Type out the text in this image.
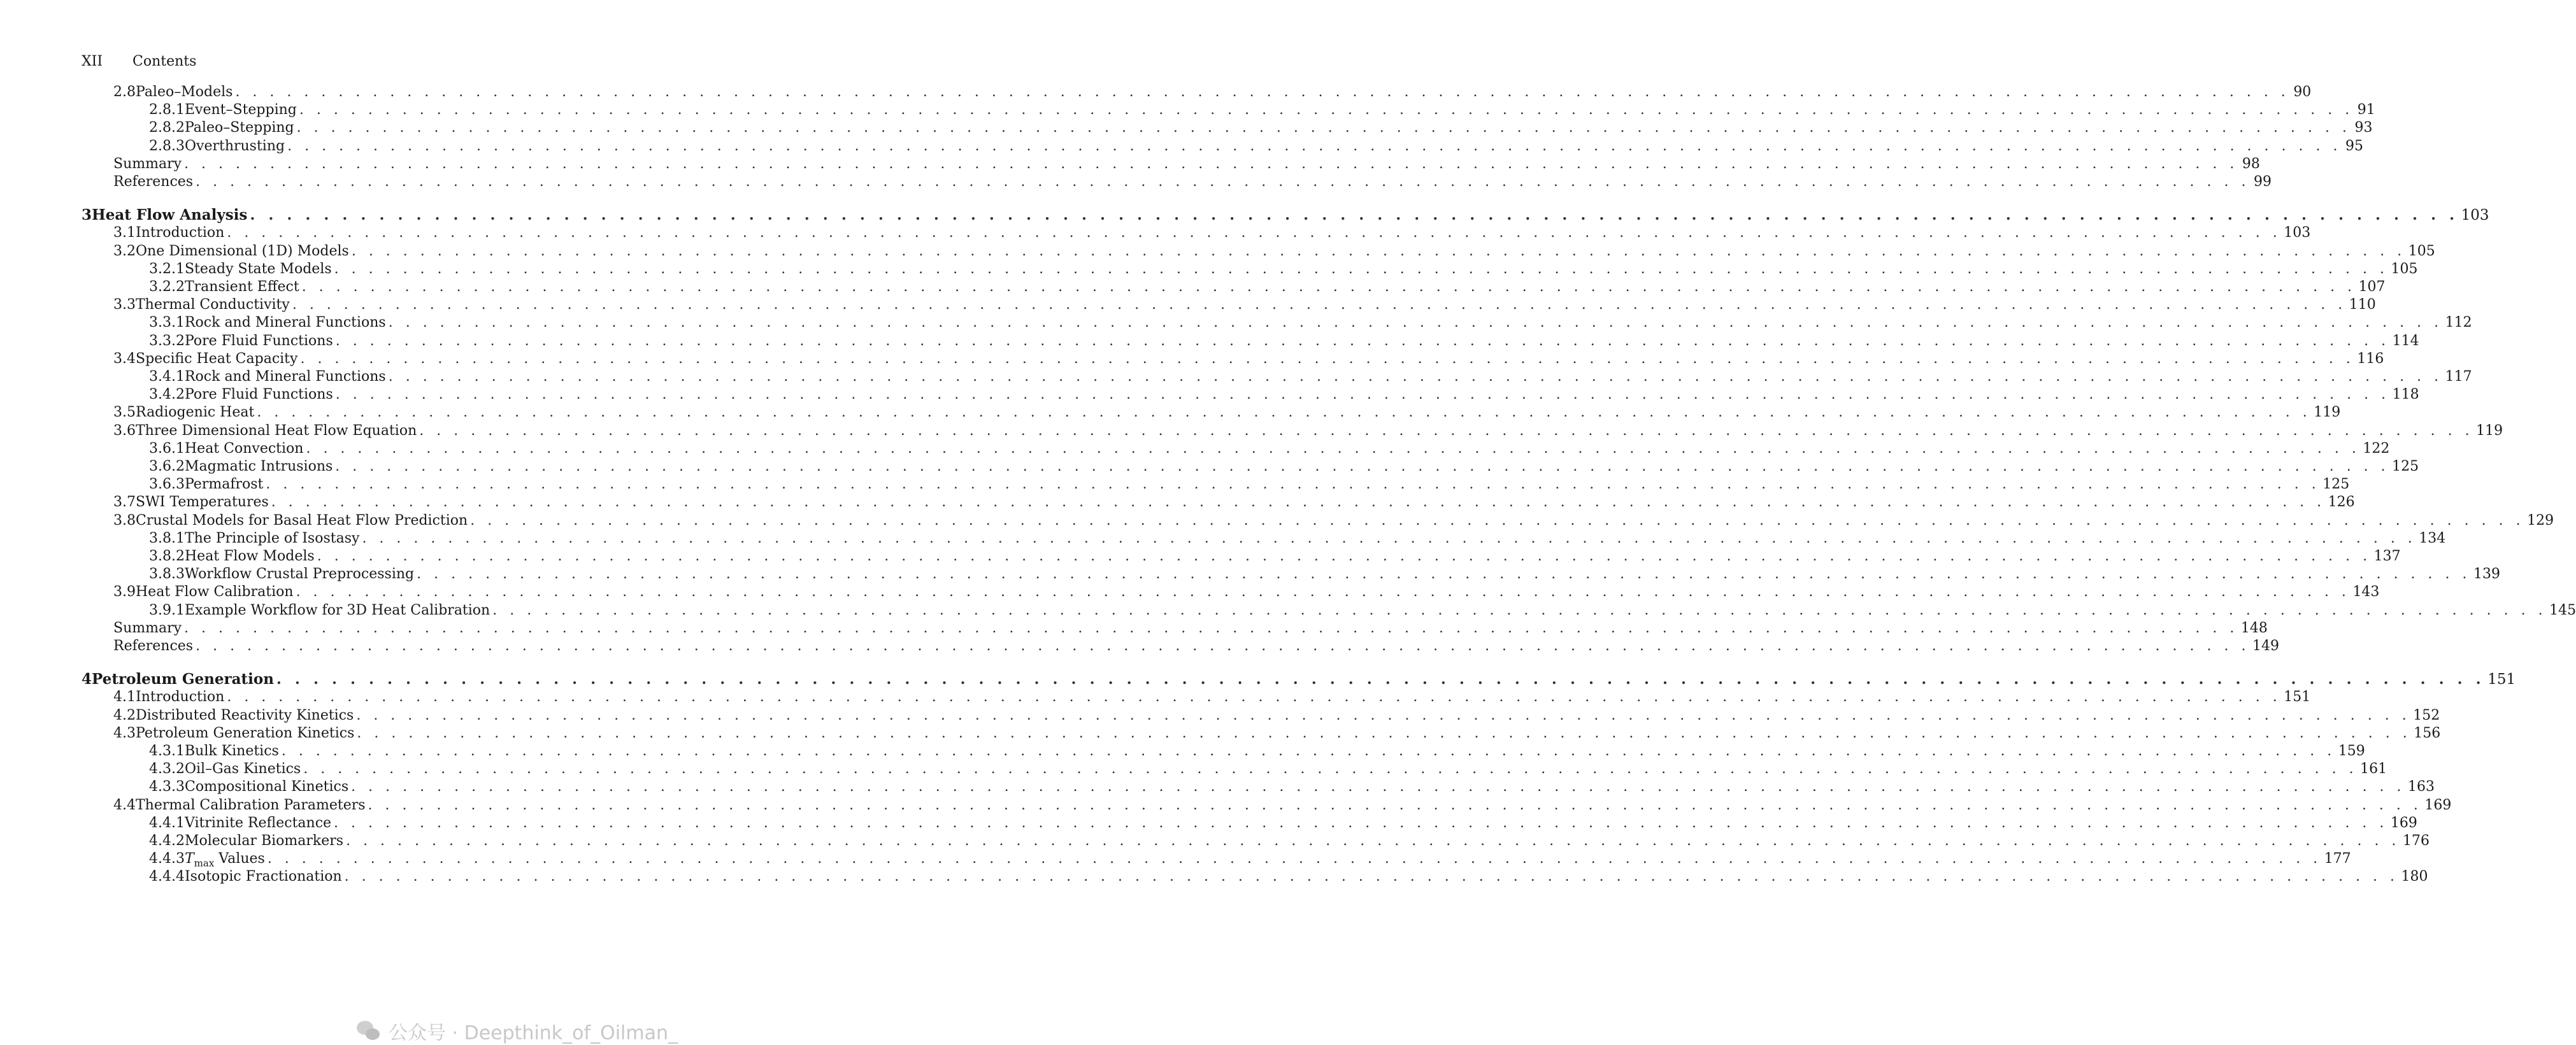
XII Contents
2.8 Paleo–Models . . . . . . . . . . . . . . . . . . . . . . . . . . . . . . . . . . . . . . . . . . . . . . . . . . . . . . . . . . . . . . . . . . . . . . . . . . . . . . . . . . . . . . . . . . . . . . . . . . . . . . . . . . . . . . . . . . . . . . . . 90
2.8.1 Event–Stepping . . . . . . . . . . . . . . . . . . . . . . . . . . . . . . . . . . . . . . . . . . . . . . . . . . . . . . . . . . . . . . . . . . . . . . . . . . . . . . . . . . . . . . . . . . . . . . . . . . . . . . . . . . . . . . . . . . . . . . . . 91
2.8.2 Paleo–Stepping . . . . . . . . . . . . . . . . . . . . . . . . . . . . . . . . . . . . . . . . . . . . . . . . . . . . . . . . . . . . . . . . . . . . . . . . . . . . . . . . . . . . . . . . . . . . . . . . . . . . . . . . . . . . . . . . . . . . . . . . 93
2.8.3 Overthrusting . . . . . . . . . . . . . . . . . . . . . . . . . . . . . . . . . . . . . . . . . . . . . . . . . . . . . . . . . . . . . . . . . . . . . . . . . . . . . . . . . . . . . . . . . . . . . . . . . . . . . . . . . . . . . . . . . . . . . . . . 95
Summary . . . . . . . . . . . . . . . . . . . . . . . . . . . . . . . . . . . . . . . . . . . . . . . . . . . . . . . . . . . . . . . . . . . . . . . . . . . . . . . . . . . . . . . . . . . . . . . . . . . . . . . . . . . . . . . . . . . . . . . . 98
References . . . . . . . . . . . . . . . . . . . . . . . . . . . . . . . . . . . . . . . . . . . . . . . . . . . . . . . . . . . . . . . . . . . . . . . . . . . . . . . . . . . . . . . . . . . . . . . . . . . . . . . . . . . . . . . . . . . . . . . . 99
3 Heat Flow Analysis . . . . . . . . . . . . . . . . . . . . . . . . . . . . . . . . . . . . . . . . . . . . . . . . . . . . . . . . . . . . . . . . . . . . . . . . . . . . . . . . . . . . . . . . . . . . . . . . . . . . . . . . . . . . . . . . . . . . . . . . 103
3.1 Introduction . . . . . . . . . . . . . . . . . . . . . . . . . . . . . . . . . . . . . . . . . . . . . . . . . . . . . . . . . . . . . . . . . . . . . . . . . . . . . . . . . . . . . . . . . . . . . . . . . . . . . . . . . . . . . . . . . . . . . . . . 103
3.2 One Dimensional (1D) Models . . . . . . . . . . . . . . . . . . . . . . . . . . . . . . . . . . . . . . . . . . . . . . . . . . . . . . . . . . . . . . . . . . . . . . . . . . . . . . . . . . . . . . . . . . . . . . . . . . . . . . . . . . . . . . . . . . . . . . . . 105
3.2.1 Steady State Models . . . . . . . . . . . . . . . . . . . . . . . . . . . . . . . . . . . . . . . . . . . . . . . . . . . . . . . . . . . . . . . . . . . . . . . . . . . . . . . . . . . . . . . . . . . . . . . . . . . . . . . . . . . . . . . . . . . . . . . . 105
3.2.2 Transient Effect . . . . . . . . . . . . . . . . . . . . . . . . . . . . . . . . . . . . . . . . . . . . . . . . . . . . . . . . . . . . . . . . . . . . . . . . . . . . . . . . . . . . . . . . . . . . . . . . . . . . . . . . . . . . . . . . . . . . . . . . 107
3.3 Thermal Conductivity . . . . . . . . . . . . . . . . . . . . . . . . . . . . . . . . . . . . . . . . . . . . . . . . . . . . . . . . . . . . . . . . . . . . . . . . . . . . . . . . . . . . . . . . . . . . . . . . . . . . . . . . . . . . . . . . . . . . . . . . 110
3.3.1 Rock and Mineral Functions . . . . . . . . . . . . . . . . . . . . . . . . . . . . . . . . . . . . . . . . . . . . . . . . . . . . . . . . . . . . . . . . . . . . . . . . . . . . . . . . . . . . . . . . . . . . . . . . . . . . . . . . . . . . . . . . . . . . . . . . 112
3.3.2 Pore Fluid Functions . . . . . . . . . . . . . . . . . . . . . . . . . . . . . . . . . . . . . . . . . . . . . . . . . . . . . . . . . . . . . . . . . . . . . . . . . . . . . . . . . . . . . . . . . . . . . . . . . . . . . . . . . . . . . . . . . . . . . . . . 114
3.4 Specific Heat Capacity . . . . . . . . . . . . . . . . . . . . . . . . . . . . . . . . . . . . . . . . . . . . . . . . . . . . . . . . . . . . . . . . . . . . . . . . . . . . . . . . . . . . . . . . . . . . . . . . . . . . . . . . . . . . . . . . . . . . . . . . 116
3.4.1 Rock and Mineral Functions . . . . . . . . . . . . . . . . . . . . . . . . . . . . . . . . . . . . . . . . . . . . . . . . . . . . . . . . . . . . . . . . . . . . . . . . . . . . . . . . . . . . . . . . . . . . . . . . . . . . . . . . . . . . . . . . . . . . . . . . 117
3.4.2 Pore Fluid Functions . . . . . . . . . . . . . . . . . . . . . . . . . . . . . . . . . . . . . . . . . . . . . . . . . . . . . . . . . . . . . . . . . . . . . . . . . . . . . . . . . . . . . . . . . . . . . . . . . . . . . . . . . . . . . . . . . . . . . . . . 118
3.5 Radiogenic Heat . . . . . . . . . . . . . . . . . . . . . . . . . . . . . . . . . . . . . . . . . . . . . . . . . . . . . . . . . . . . . . . . . . . . . . . . . . . . . . . . . . . . . . . . . . . . . . . . . . . . . . . . . . . . . . . . . . . . . . . . 119
3.6 Three Dimensional Heat Flow Equation . . . . . . . . . . . . . . . . . . . . . . . . . . . . . . . . . . . . . . . . . . . . . . . . . . . . . . . . . . . . . . . . . . . . . . . . . . . . . . . . . . . . . . . . . . . . . . . . . . . . . . . . . . . . . . . . . . . . . . . . 119
3.6.1 Heat Convection . . . . . . . . . . . . . . . . . . . . . . . . . . . . . . . . . . . . . . . . . . . . . . . . . . . . . . . . . . . . . . . . . . . . . . . . . . . . . . . . . . . . . . . . . . . . . . . . . . . . . . . . . . . . . . . . . . . . . . . . 122
3.6.2 Magmatic Intrusions . . . . . . . . . . . . . . . . . . . . . . . . . . . . . . . . . . . . . . . . . . . . . . . . . . . . . . . . . . . . . . . . . . . . . . . . . . . . . . . . . . . . . . . . . . . . . . . . . . . . . . . . . . . . . . . . . . . . . . . . 125
3.6.3 Permafrost . . . . . . . . . . . . . . . . . . . . . . . . . . . . . . . . . . . . . . . . . . . . . . . . . . . . . . . . . . . . . . . . . . . . . . . . . . . . . . . . . . . . . . . . . . . . . . . . . . . . . . . . . . . . . . . . . . . . . . . . 125
3.7 SWI Temperatures . . . . . . . . . . . . . . . . . . . . . . . . . . . . . . . . . . . . . . . . . . . . . . . . . . . . . . . . . . . . . . . . . . . . . . . . . . . . . . . . . . . . . . . . . . . . . . . . . . . . . . . . . . . . . . . . . . . . . . . . 126
3.8 Crustal Models for Basal Heat Flow Prediction . . . . . . . . . . . . . . . . . . . . . . . . . . . . . . . . . . . . . . . . . . . . . . . . . . . . . . . . . . . . . . . . . . . . . . . . . . . . . . . . . . . . . . . . . . . . . . . . . . . . . . . . . . . . . . . . . . . . . . . . 129
3.8.1 The Principle of Isostasy . . . . . . . . . . . . . . . . . . . . . . . . . . . . . . . . . . . . . . . . . . . . . . . . . . . . . . . . . . . . . . . . . . . . . . . . . . . . . . . . . . . . . . . . . . . . . . . . . . . . . . . . . . . . . . . . . . . . . . . . 134
3.8.2 Heat Flow Models . . . . . . . . . . . . . . . . . . . . . . . . . . . . . . . . . . . . . . . . . . . . . . . . . . . . . . . . . . . . . . . . . . . . . . . . . . . . . . . . . . . . . . . . . . . . . . . . . . . . . . . . . . . . . . . . . . . . . . . . 137
3.8.3 Workflow Crustal Preprocessing . . . . . . . . . . . . . . . . . . . . . . . . . . . . . . . . . . . . . . . . . . . . . . . . . . . . . . . . . . . . . . . . . . . . . . . . . . . . . . . . . . . . . . . . . . . . . . . . . . . . . . . . . . . . . . . . . . . . . . . . 139
3.9 Heat Flow Calibration . . . . . . . . . . . . . . . . . . . . . . . . . . . . . . . . . . . . . . . . . . . . . . . . . . . . . . . . . . . . . . . . . . . . . . . . . . . . . . . . . . . . . . . . . . . . . . . . . . . . . . . . . . . . . . . . . . . . . . . . 143
3.9.1 Example Workflow for 3D Heat Calibration . . . . . . . . . . . . . . . . . . . . . . . . . . . . . . . . . . . . . . . . . . . . . . . . . . . . . . . . . . . . . . . . . . . . . . . . . . . . . . . . . . . . . . . . . . . . . . . . . . . . . . . . . . . . . . . . . . . . . . . . 145
Summary . . . . . . . . . . . . . . . . . . . . . . . . . . . . . . . . . . . . . . . . . . . . . . . . . . . . . . . . . . . . . . . . . . . . . . . . . . . . . . . . . . . . . . . . . . . . . . . . . . . . . . . . . . . . . . . . . . . . . . . . 148
References . . . . . . . . . . . . . . . . . . . . . . . . . . . . . . . . . . . . . . . . . . . . . . . . . . . . . . . . . . . . . . . . . . . . . . . . . . . . . . . . . . . . . . . . . . . . . . . . . . . . . . . . . . . . . . . . . . . . . . . . 149
4 Petroleum Generation . . . . . . . . . . . . . . . . . . . . . . . . . . . . . . . . . . . . . . . . . . . . . . . . . . . . . . . . . . . . . . . . . . . . . . . . . . . . . . . . . . . . . . . . . . . . . . . . . . . . . . . . . . . . . . . . . . . . . . . . 151
4.1 Introduction . . . . . . . . . . . . . . . . . . . . . . . . . . . . . . . . . . . . . . . . . . . . . . . . . . . . . . . . . . . . . . . . . . . . . . . . . . . . . . . . . . . . . . . . . . . . . . . . . . . . . . . . . . . . . . . . . . . . . . . . 151
4.2 Distributed Reactivity Kinetics . . . . . . . . . . . . . . . . . . . . . . . . . . . . . . . . . . . . . . . . . . . . . . . . . . . . . . . . . . . . . . . . . . . . . . . . . . . . . . . . . . . . . . . . . . . . . . . . . . . . . . . . . . . . . . . . . . . . . . . . 152
4.3 Petroleum Generation Kinetics . . . . . . . . . . . . . . . . . . . . . . . . . . . . . . . . . . . . . . . . . . . . . . . . . . . . . . . . . . . . . . . . . . . . . . . . . . . . . . . . . . . . . . . . . . . . . . . . . . . . . . . . . . . . . . . . . . . . . . . . 156
4.3.1 Bulk Kinetics . . . . . . . . . . . . . . . . . . . . . . . . . . . . . . . . . . . . . . . . . . . . . . . . . . . . . . . . . . . . . . . . . . . . . . . . . . . . . . . . . . . . . . . . . . . . . . . . . . . . . . . . . . . . . . . . . . . . . . . . 159
4.3.2 Oil–Gas Kinetics . . . . . . . . . . . . . . . . . . . . . . . . . . . . . . . . . . . . . . . . . . . . . . . . . . . . . . . . . . . . . . . . . . . . . . . . . . . . . . . . . . . . . . . . . . . . . . . . . . . . . . . . . . . . . . . . . . . . . . . . 161
4.3.3 Compositional Kinetics . . . . . . . . . . . . . . . . . . . . . . . . . . . . . . . . . . . . . . . . . . . . . . . . . . . . . . . . . . . . . . . . . . . . . . . . . . . . . . . . . . . . . . . . . . . . . . . . . . . . . . . . . . . . . . . . . . . . . . . . 163
4.4 Thermal Calibration Parameters . . . . . . . . . . . . . . . . . . . . . . . . . . . . . . . . . . . . . . . . . . . . . . . . . . . . . . . . . . . . . . . . . . . . . . . . . . . . . . . . . . . . . . . . . . . . . . . . . . . . . . . . . . . . . . . . . . . . . . . . 169
4.4.1 Vitrinite Reflectance . . . . . . . . . . . . . . . . . . . . . . . . . . . . . . . . . . . . . . . . . . . . . . . . . . . . . . . . . . . . . . . . . . . . . . . . . . . . . . . . . . . . . . . . . . . . . . . . . . . . . . . . . . . . . . . . . . . . . . . . 169
4.4.2 Molecular Biomarkers . . . . . . . . . . . . . . . . . . . . . . . . . . . . . . . . . . . . . . . . . . . . . . . . . . . . . . . . . . . . . . . . . . . . . . . . . . . . . . . . . . . . . . . . . . . . . . . . . . . . . . . . . . . . . . . . . . . . . . . . 176
4.4.3 $T_{max}$ Values . . . . . . . . . . . . . . . . . . . . . . . . . . . . . . . . . . . . . . . . . . . . . . . . . . . . . . . . . . . . . . . . . . . . . . . . . . . . . . . . . . . . . . . . . . . . . . . . . . . . . . . . . . . . . . . . . . . . . . . . 177
4.4.4 Isotopic Fractionation . . . . . . . . . . . . . . . . . . . . . . . . . . . . . . . . . . . . . . . . . . . . . . . . . . . . . . . . . . . . . . . . . . . . . . . . . . . . . . . . . . . . . . . . . . . . . . . . . . . . . . . . . . . . . . . . . . . . . . . . 180
公众号 · Deepthink_of_Oilman_
